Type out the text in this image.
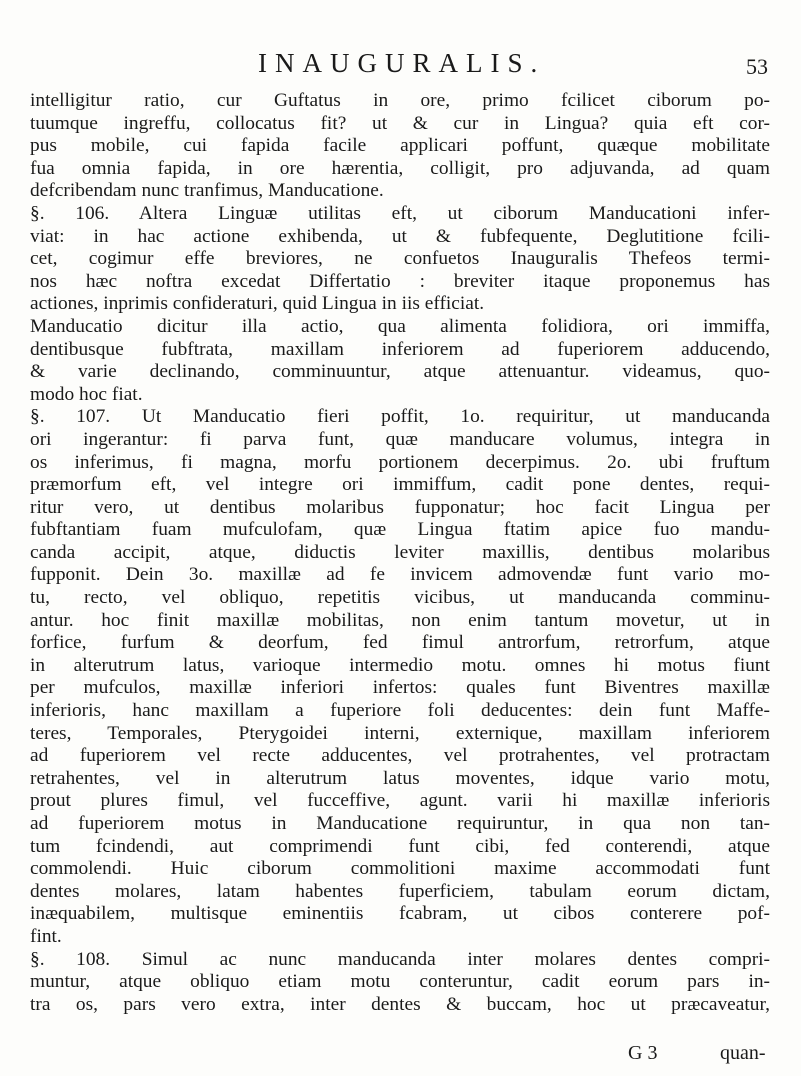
INAUGURALIS.	53
intelligitur ratio, cur Guftatus in ore, primo fcilicet ciborum po-
tuumque ingreffu, collocatus fit? ut & cur in Lingua? quia eft cor-
pus mobile, cui fapida facile applicari poffunt, quæque mobilitate
fua omnia fapida, in ore hærentia, colligit, pro adjuvanda, ad quam
defcribendam nunc tranfimus, Manducatione.
§. 106. Altera Linguæ utilitas eft, ut ciborum Manducationi infer-
viat: in hac actione exhibenda, ut & fubfequente, Deglutitione fcili-
cet, cogimur effe breviores, ne confuetos Inauguralis Thefeos termi-
nos hæc noftra excedat Differtatio : breviter itaque proponemus has
actiones, inprimis confideraturi, quid Lingua in iis efficiat.
Manducatio dicitur illa actio, qua alimenta folidiora, ori immiffa,
dentibusque fubftrata, maxillam inferiorem ad fuperiorem adducendo,
& varie declinando, comminuuntur, atque attenuantur. videamus, quo-
modo hoc fiat.
§. 107. Ut Manducatio fieri poffit, 1o. requiritur, ut manducanda
ori ingerantur: fi parva funt, quæ manducare volumus, integra in
os inferimus, fi magna, morfu portionem decerpimus. 2o. ubi fruftum
præmorfum eft, vel integre ori immiffum, cadit pone dentes, requi-
ritur vero, ut dentibus molaribus fupponatur; hoc facit Lingua per
fubftantiam fuam mufculofam, quæ Lingua ftatim apice fuo mandu-
canda accipit, atque, diductis leviter maxillis, dentibus molaribus
fupponit. Dein 3o. maxillæ ad fe invicem admovendæ funt vario mo-
tu, recto, vel obliquo, repetitis vicibus, ut manducanda comminu-
antur. hoc finit maxillæ mobilitas, non enim tantum movetur, ut in
forfice, furfum & deorfum, fed fimul antrorfum, retrorfum, atque
in alterutrum latus, varioque intermedio motu. omnes hi motus fiunt
per mufculos, maxillæ inferiori infertos: quales funt Biventres maxillæ
inferioris, hanc maxillam a fuperiore foli deducentes: dein funt Maffe-
teres, Temporales, Pterygoidei interni, externique, maxillam inferiorem
ad fuperiorem vel recte adducentes, vel protrahentes, vel protractam
retrahentes, vel in alterutrum latus moventes, idque vario motu,
prout plures fimul, vel fucceffive, agunt. varii hi maxillæ inferioris
ad fuperiorem motus in Manducatione requiruntur, in qua non tan-
tum fcindendi, aut comprimendi funt cibi, fed conterendi, atque
commolendi. Huic ciborum commolitioni maxime accommodati funt
dentes molares, latam habentes fuperficiem, tabulam eorum dictam,
inæquabilem, multisque eminentiis fcabram, ut cibos conterere pof-
fint.
§. 108. Simul ac nunc manducanda inter molares dentes compri-
muntur, atque obliquo etiam motu conteruntur, cadit eorum pars in-
tra os, pars vero extra, inter dentes & buccam, hoc ut præcaveatur,
G 3	quan-
